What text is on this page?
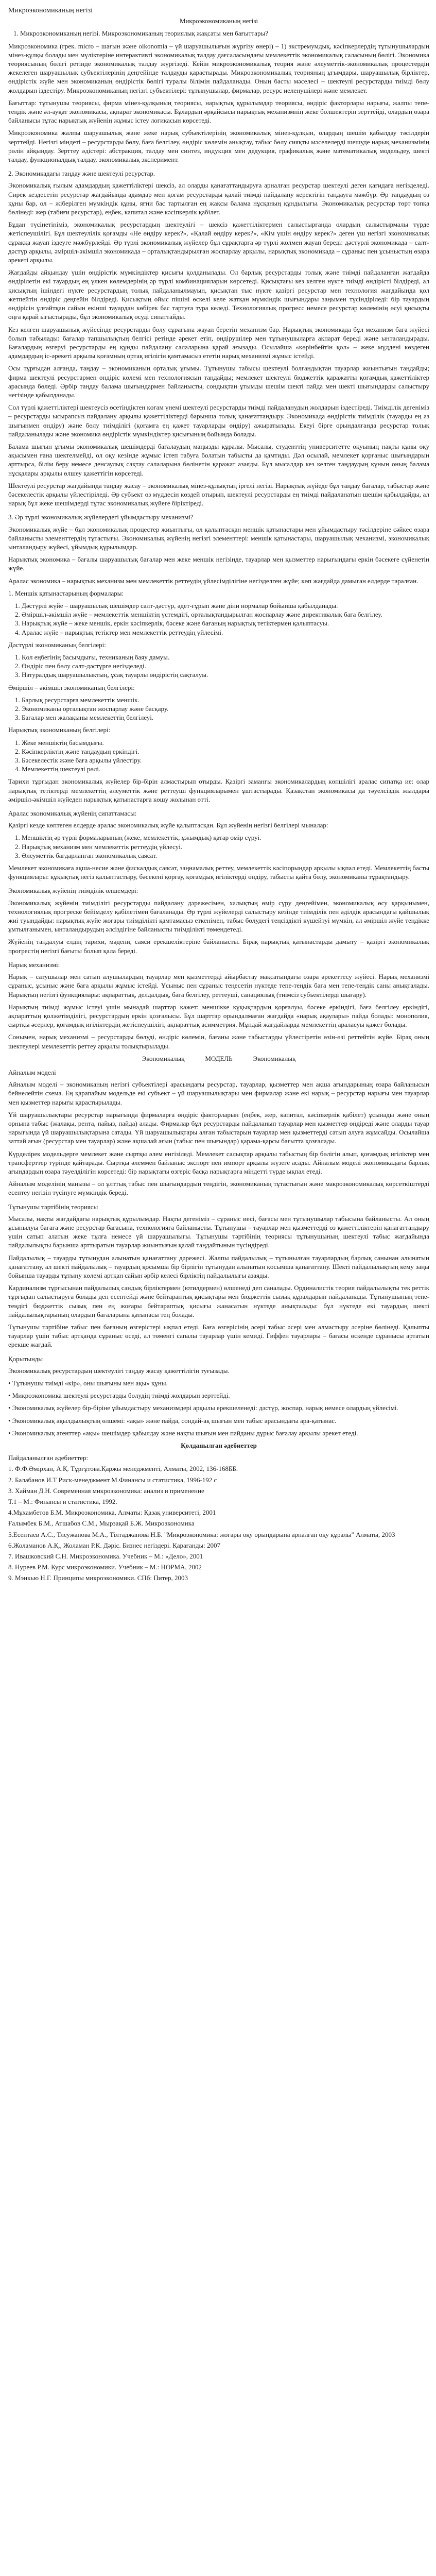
Микроэкономиканың негізі

Микроэкономиканың негізі

1. Микроэкономиканың негізі. Микроэкономиканың теориялық жақсаты мен бағыттары?

Микроэкономика (грек. micro – шағын және oikonomia – үй шаруашылығын жүргізу өнері) – 1) экстремумдық, кәсіпкерлердің тұтынушылардың мінез-құлқы болады мен мүліктеріне интерактивті экономикалық талдау дағсаласындағы мемлекеттік экономикалық саласының бөлігі. Экономика теориясының бөлігі ретінде экономикалық талдау жүргізеді. Кейін микроэкономикалық теория және әлеуметтік-экономикалық процестердің жекелеген шаруашылық субъектілерінің деңгейінде талдауды қарастырады. Микроэкономикалық теорияның ұғымдары, шаруашылық бірліктер, өндірістік жүйе мен экономиканың өндірістік бөлігі туралы білімін пайдаланады. Оның басты мәселесі – шектеулі ресурстарды тиімді бөлу жолдарын іздестіру. Микроэкономиканың негізгі субъектілері: тұтынушылар, фирмалар, ресурс иеленушілері және мемлекет.

Бағыттар: тұтынушы теориясы, фирма мінез-құлқының теориясы, нарықтық құрылымдар теориясы, өндіріс факторлары нарығы, жалпы тепе-теңдік және әл-ауқат экономикасы, ақпарат экономикасы. Бұлардың әрқайсысы нарықтық механизмнің жеке бөлшектерін зерттейді, олардың өзара байланысы тұтас нарықтық жүйенің жұмыс істеу логикасын көрсетеді.

Микроэкономика жалпы шаруашылық және жеке нарық субъектілерінің экономикалық мінез-құлқын, олардың шешім қабылдау тәсілдерін зерттейді. Негізгі міндеті – ресурстарды бөлу, баға белгілеу, өндіріс көлемін анықтау, табыс бөлу сияқты мәселелерді шешуде нарық механизмінің рөлін айқындау. Зерттеу әдістері: абстракция, талдау мен синтез, индукция мен дедукция, графикалық және математикалық модельдеу, шекті талдау, функционалдық талдау, экономикалық эксперимент.

2. Экономикадағы таңдау және шектеулі ресурстар.

Экономикалық ғылым адамдардың қажеттіліктері шексіз, ал оларды қанағаттандыруға арналған ресурстар шектеулі деген қағидаға негізделеді. Сирек кездесетін ресурстар жағдайында адамдар мен қоғам ресурстарды қалай тиімді пайдалану керектігін таңдауға мәжбүр. Әр таңдаудың өз құны бар, ол – жіберілген мүмкіндік құны, яғни бас тартылған ең жақсы балама нұсқаның құндылығы. Экономикалық ресурстар төрт топқа бөлінеді: жер (табиғи ресурстар), еңбек, капитал және кәсіпкерлік қабілет.

Бұдан түсінетініміз, экономикалық ресурстардың шектеулігі – шексіз қажеттіліктермен салыстырғанда олардың салыстырмалы түрде жетіспеушілігі. Бұл шектеулілік қоғамды «Не өндіру керек?», «Қалай өндіру керек?», «Кім үшін өндіру керек?» деген үш негізгі экономикалық сұраққа жауап іздеуге мәжбүрлейді. Әр түрлі экономикалық жүйелер бұл сұрақтарға әр түрлі жолмен жауап береді: дәстүрлі экономикада – салт-дәстүр арқылы, әміршіл-әкімшіл экономикада – орталықтандырылған жоспарлау арқылы, нарықтық экономикада – сұраныс пен ұсыныстың өзара әрекеті арқылы.

Жағдайды айқындау үшін өндірістік мүмкіндіктер қисығы қолданылады. Ол барлық ресурстарды толық және тиімді пайдаланған жағдайда өндірілетін екі тауардың ең үлкен көлемдерінің әр түрлі комбинацияларын көрсетеді. Қисықтағы кез келген нүкте тиімді өндірісті білдіреді, ал қисықтың ішіндегі нүкте ресурстардың толық пайдаланылмауын, қисықтан тыс нүкте қазіргі ресурстар мен технология жағдайында қол жетпейтін өндіріс деңгейін білдіреді. Қисықтың ойыс пішіні өскелі келе жатқан мүмкіндік шығындары заңымен түсіндіріледі: бір тауардың өндірісін ұлғайтқан сайын екінші тауардан көбірек бас тартуға тура келеді. Технологиялық прогресс немесе ресурстар көлемінің өсуі қисықты оңға қарай ығыстырады, бұл экономикалық өсуді сипаттайды.

Кез келген шаруашылық жүйесінде ресурстарды бөлу сұрағына жауап беретін механизм бар. Нарықтық экономикада бұл механизм баға жүйесі болып табылады: бағалар тапшылықтың белгісі ретінде әрекет етіп, өндірушілер мен тұтынушыларға ақпарат береді және ынталандырады. Бағалардың өзгеруі ресурстарды ең құнды пайдалану салаларына қарай ағызады. Осылайша «көрінбейтін қол» – жеке мүддені көздеген адамдардың іс-әрекеті арқылы қоғамның ортақ игілігін қамтамасыз ететін нарық механизмі жұмыс істейді.

Осы тұрғыдан алғанда, таңдау – экономиканың орталық ұғымы. Тұтынушы табысы шектеулі болғандықтан тауарлар жиынтығын таңдайды; фирма шектеулі ресурстармен өндіріс көлемі мен технологиясын таңдайды; мемлекет шектеулі бюджеттік қаражатты қоғамдық қажеттіліктер арасында бөледі. Әрбір таңдау балама шығындармен байланысты, сондықтан ұтымды шешім шекті пайда мен шекті шығындарды салыстыру негізінде қабылданады.

Сол түрлі қажеттіліктері шектеусіз өсетіндіктен қоғам үнемі шектеулі ресурстарды тиімді пайдаланудың жолдарын іздестіреді. Тиімділік дегеніміз – ресурстарды ысырапсыз пайдалану арқылы қажеттіліктерді барынша толық қанағаттандыру. Экономикада өндірістік тиімділік (тауарды ең аз шығынмен өндіру) және бөлу тиімділігі (қоғамға ең қажет тауарларды өндіру) ажыратылады. Екеуі бірге орындалғанда ресурстар толық пайдаланылады және экономика өндірістік мүмкіндіктер қисығының бойында болады.

Балама шығын ұғымы экономикалық шешімдерді бағалаудың маңызды құралы. Мысалы, студенттің университетте оқуының нақты құны оқу ақысымен ғана шектелмейді, ол оқу кезінде жұмыс істеп табуға болатын табысты да қамтиды. Дәл осылай, мемлекет қорғаныс шығындарын арттырса, білім беру немесе денсаулық сақтау салаларына бөлінетін қаражат азаяды. Бұл мысалдар кез келген таңдаудың құнын оның балама нұсқалары арқылы өлшеу қажеттігін көрсетеді.

Шектеулі ресурстар жағдайында таңдау жасау – экономикалық мінез-құлықтың іргелі негізі. Нарықтық жүйеде бұл таңдау бағалар, табыстар және бәсекелестік арқылы үйлестіріледі. Әр субъект өз мүддесін көздей отырып, шектеулі ресурстарды ең тиімді пайдаланатын шешім қабылдайды, ал нарық бұл жеке шешімдерді тұтас экономикалық жүйеге біріктіреді.

3. Әр түрлі экономикалық жүйелердегі ұйымдастыру механизмі?

Экономикалық жүйе – бұл экономикалық процестер жиынтығы, ол қалыптасқан меншік қатынастары мен ұйымдастыру тәсілдеріне сәйкес өзара байланысты элементтердің тұтастығы. Экономикалық жүйенің негізгі элементтері: меншік қатынастары, шаруашылық механизмі, экономикалық ынталандыру жүйесі, ұйымдық құрылымдар.

Нарықтық экономика – бағалы шаруашылық бағалар мен жеке меншік негізінде, тауарлар мен қызметтер нарығындағы еркін бәсекеге сүйенетін жүйе.

Аралас экономика – нарықтық механизм мен мемлекеттік реттеудің үйлесімділігіне негізделген жүйе; көп жағдайда дамыған елдерде таралған.

1. Меншік қатынастарының формалары:

1. Дәстүрлі жүйе – шаруашылық шешімдер салт-дәстүр, әдет-ғұрып және діни нормалар бойынша қабылданады.
2. Әміршіл-әкімшіл жүйе – мемлекеттік меншіктің үстемдігі, орталықтандырылған жоспарлау және директивалық баға белгілеу.
3. Нарықтық жүйе – жеке меншік, еркін кәсіпкерлік, бәсеке және бағаның нарықтық тетіктермен қалыптасуы.
4. Аралас жүйе – нарықтық тетіктер мен мемлекеттік реттеудің үйлесімі.

Дәстүрлі экономиканың белгілері:

1. Қол еңбегінің басымдығы, техниканың баяу дамуы.
2. Өндіріс пен бөлу салт-дәстүрге негізделеді.
3. Натуралдық шаруашылықтың, ұсақ тауарлы өндірістің сақталуы.

Әміршіл – әкімшіл экономиканың белгілері:

1. Барлық ресурстарға мемлекеттік меншік.
2. Экономиканы орталықтан жоспарлау және басқару.
3. Бағалар мен жалақыны мемлекеттің белгілеуі.

Нарықтық экономиканың белгілері:

1. Жеке меншіктің басымдығы.
2. Кәсіпкерліктің және таңдаудың еркіндігі.
3. Бәсекелестік және баға арқылы үйлестіру.
4. Мемлекеттің шектеулі рөлі.

Тарихи тұрғыдан экономикалық жүйелер бір-бірін алмастырып отырды. Қазіргі заманғы экономикалардың көпшілігі аралас сипатқа ие: олар нарықтық тетіктерді мемлекеттің әлеуметтік және реттеуші функцияларымен ұштастырады. Қазақстан экономикасы да тәуелсіздік жылдары әміршіл-әкімшіл жүйеден нарықтық қатынастарға көшу жолынан өтті.

Аралас экономикалық жүйенің сипаттамасы:

Қазіргі кезде көптеген елдерде аралас экономикалық жүйе қалыптасқан. Бұл жүйенің негізгі белгілері мыналар:

1. Меншіктің әр түрлі формаларының (жеке, мемлекеттік, ұжымдық) қатар өмір сүруі.
2. Нарықтық механизм мен мемлекеттік реттеудің үйлесуі.
3. Әлеуметтік бағдарланған экономикалық саясат.

Мемлекет экономикаға ақша-несие және фискалдық саясат, заңнамалық реттеу, мемлекеттік кәсіпорындар арқылы ықпал етеді. Мемлекеттің басты функциялары: құқықтық негіз қалыптастыру, бәсекені қорғау, қоғамдық игіліктерді өндіру, табысты қайта бөлу, экономиканы тұрақтандыру.

Экономикалық жүйенің тиімділік өлшемдері:

Экономикалық жүйенің тиімділігі ресурстарды пайдалану дәрежесімен, халықтың өмір сүру деңгейімен, экономикалық өсу қарқынымен, технологиялық прогреске бейімделу қабілетімен бағаланады. Әр түрлі жүйелерді салыстыру кезінде тиімділік пен әділдік арасындағы қайшылық жиі туындайды: нарықтық жүйе жоғары тиімділікті қамтамасыз еткенімен, табыс бөлудегі теңсіздікті күшейтуі мүмкін, ал әміршіл жүйе теңдікке ұмтылғанымен, ынталандырудың әлсіздігіне байланысты тиімділікті төмендетеді.

Жүйенің таңдалуы елдің тарихи, мәдени, саяси ерекшеліктеріне байланысты. Бірақ нарықтық қатынастарды дамыту – қазіргі экономикалық прогрестің негізгі бағыты болып қала береді.

Нарық механизмі:

Нарық – сатушылар мен сатып алушылардың тауарлар мен қызметтерді айырбастау мақсатындағы өзара әрекеттесу жүйесі. Нарық механизмі сұраныс, ұсыныс және баға арқылы жұмыс істейді. Ұсыныс пен сұраныс теңесетін нүктеде тепе-теңдік баға мен тепе-теңдік саны анықталады. Нарықтың негізгі функциялары: ақпараттық, делдалдық, баға белгілеу, реттеуші, санациялық (тиімсіз субъектілерді шығару).

Нарықтың тиімді жұмыс істеуі үшін мынадай шарттар қажет: меншікке құқықтардың қорғалуы, бәсеке еркіндігі, баға белгілеу еркіндігі, ақпараттың қолжетімділігі, ресурстардың еркін қозғалысы. Бұл шарттар орындалмаған жағдайда «нарық ақаулары» пайда болады: монополия, сыртқы әсерлер, қоғамдық игіліктердің жетіспеушілігі, ақпараттық асимметрия. Мұндай жағдайларда мемлекеттің араласуы қажет болады.

Сонымен, нарық механизмі – ресурстарды бөлуді, өндіріс көлемін, бағаны және табыстарды үйлестіретін өзін-өзі реттейтін жүйе. Бірақ оның шектеулері мемлекеттік реттеу арқылы толықтырылады.

Экономикалық	МОДЕЛЬ	Экономикалық
Айналым моделі

Айналым моделі – экономиканың негізгі субъектілері арасындағы ресурстар, тауарлар, қызметтер мен ақша ағындарының өзара байланысын бейнелейтін схема. Ең қарапайым модельде екі субъект – үй шаруашылықтары мен фирмалар және екі нарық – ресурстар нарығы мен тауарлар мен қызметтер нарығы қарастырылады.

Үй шаруашылықтары ресурстар нарығында фирмаларға өндіріс факторларын (еңбек, жер, капитал, кәсіпкерлік қабілет) ұсынады және оның орнына табыс (жалақы, рента, пайыз, пайда) алады. Фирмалар бұл ресурстарды пайдаланып тауарлар мен қызметтер өндіреді және оларды тауар нарығында үй шаруашылықтарына сатады. Үй шаруашылықтары алған табыстарын тауарлар мен қызметтерді сатып алуға жұмсайды. Осылайша заттай ағын (ресурстар мен тауарлар) және ақшалай ағын (табыс пен шығындар) қарама-қарсы бағытта қозғалады.

Күрделірек модельдерге мемлекет және сыртқы әлем енгізіледі. Мемлекет салықтар арқылы табыстың бір бөлігін алып, қоғамдық игіліктер мен трансферттер түрінде қайтарады. Сыртқы әлеммен байланыс экспорт пен импорт арқылы жүзеге асады. Айналым моделі экономикадағы барлық ағындардың өзара тәуелділігін көрсетеді: бір нарықтағы өзгеріс басқа нарықтарға міндетті түрде ықпал етеді.

Айналым моделінің маңызы – ол ұлттық табыс пен шығындардың теңдігін, экономиканың тұтастығын және макроэкономикалық көрсеткіштерді есептеу негізін түсінуге мүмкіндік береді.

Тұтынушы тәртібінің теориясы

Мысалы, нақты жағдайдағы нарықтық құрылымдар. Нақты дегеніміз – сұраныс иесі, бағасы мен тұтынушылар табысына байланысты. Ал оның ұсынылуы бағаға және ресурстар бағасына, технологияға байланысты. Тұтынушы – тауарлар мен қызметтерді өз қажеттіліктерін қанағаттандыру үшін сатып алатын жеке тұлға немесе үй шаруашылығы. Тұтынушы тәртібінің теориясы тұтынушының шектеулі табыс жағдайында пайдалылықты барынша арттыратын тауарлар жиынтығын қалай таңдайтынын түсіндіреді.

Пайдалылық – тауарды тұтынудан алынатын қанағаттану дәрежесі. Жалпы пайдалылық – тұтынылған тауарлардың барлық санынан алынатын қанағаттану, ал шекті пайдалылық – тауардың қосымша бір бірлігін тұтынудан алынатын қосымша қанағаттану. Шекті пайдалылықтың кему заңы бойынша тауарды тұтыну көлемі артқан сайын әрбір келесі бірліктің пайдалылығы азаяды.

Кардинализм тұрғысынан пайдалылық сандық бірліктермен (ютилдермен) өлшенеді деп саналады. Ординалистік теория пайдалылықты тек реттік тұрғыдан салыстыруға болады деп есептейді және бейтараптық қисықтары мен бюджеттік сызық құралдарын пайдаланады. Тұтынушының тепе-теңдігі бюджеттік сызық пен ең жоғары бейтараптық қисығы жанасатын нүктеде анықталады: бұл нүктеде екі тауардың шекті пайдалылықтарының олардың бағаларына қатынасы тең болады.

Тұтынушы тәртібіне табыс пен бағаның өзгерістері ықпал етеді. Баға өзгерісінің әсері табыс әсері мен алмастыру әсеріне бөлінеді. Қалыпты тауарлар үшін табыс артқанда сұраныс өседі, ал төменгі сапалы тауарлар үшін кемиді. Гиффен тауарлары – бағасы өскенде сұранысы артатын ерекше жағдай.

Қорытынды

Экономикалық ресурстардың шектеулігі таңдау жасау қажеттілігін туғызады.

• Тұтынушы тиімді «кір», оны шығыны мен ақы» құны.

• Микроэкономика шектеулі ресурстарды бөлудің тиімді жолдарын зерттейді.

• Экономикалық жүйелер бір-біріне ұйымдастыру механизмдері арқылы ерекшеленеді: дәстүр, жоспар, нарық немесе олардың үйлесімі.

• Экономикалық ақылдылықтың өлшемі: «ақы» және пайда, сондай-ақ шығын мен табыс арасындағы ара-қатынас.

• Экономикалық агенттер «ақы» шешімдер қабылдау және нақты шығын мен пайданы дұрыс бағалау арқылы әрекет етеді.

Қолданылған әдебиеттер

Пайдаланылған әдебиеттер:

1. Ф.Ф.Әмірхан, А.Қ. Тұрғұтова.Қаржы менеджменті, Алматы, 2002, 136-168ББ.

2. Балабанов И.Т Риск-менеджмент М.Финансы и статистика, 1996-192 с

3. Хайман Д.Н. Современная микроэкономика: анализ и применение

Т.1 – М.: Финансы и статистика, 1992.

4.Мұхамбетов Б.М. Микроэкономика, Алматы: Қазақ университеті, 2001

Ғалымбек Б.М., Атшабов С.М., Мырзақай Б.Ж. Микроэкономика

5.Есентаев А.С., Тлеужанова М.А., Тілтаджанова Н.Б. "Микроэкономика: жоғары оқу орындарына арналған оқу құралы" Алматы, 2003

6.Жоламанов А.Қ., Жоламан Р.К. Дәріс. Бизнес негіздері. Қарағанды: 2007

7. Ивашковский С.Н. Микроэкономика. Учебник – М.: «Дело», 2001

8. Нуреев Р.М. Курс микроэкономики. Учебник – М.: НОРМА, 2002

9. Мэнкью Н.Г. Принципы микроэкономики. СПб: Питер, 2003
